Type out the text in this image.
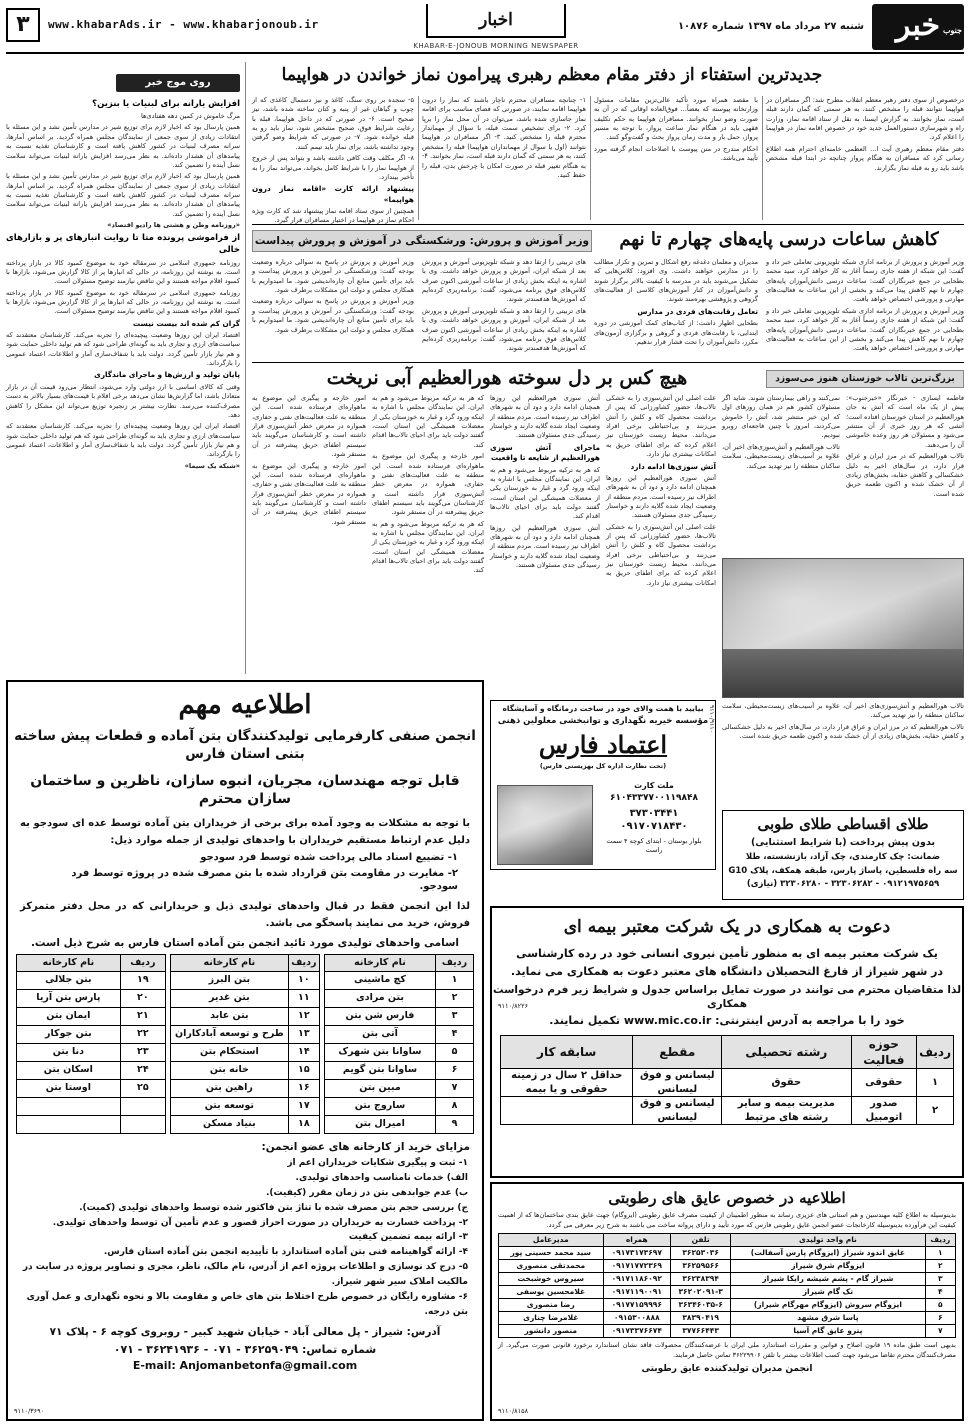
۳	www.khabarAds.ir - www.khabarjonoub.ir	اخبار
KHABAR-E-JONOUB MORNING NEWSPAPER
شنبه ۲۷ مرداد ماه ۱۳۹۷ شماره ۱۰۸۷۶	خبر جنوب
روی موج خبر
افزایش یارانه برای لبنیات یا بنزین؟

مرگ خاموش در کمین دهه هفتادی‌ها

همین پارسال بود که اخبار لازم برای توزیع شیر در مدارس تأمین نشد و این مسئله با انتقادات زیادی از سوی جمعی از نمایندگان مجلس همراه گردید. بر اساس آمارها، سرانه مصرف لبنیات در کشور کاهش یافته است و کارشناسان تغذیه نسبت به پیامدهای آن هشدار داده‌اند. به نظر می‌رسد افزایش یارانه لبنیات می‌تواند سلامت نسل آینده را تضمین کند.

همین پارسال بود که اخبار لازم برای توزیع شیر در مدارس تأمین نشد و این مسئله با انتقادات زیادی از سوی جمعی از نمایندگان مجلس همراه گردید. بر اساس آمارها، سرانه مصرف لبنیات در کشور کاهش یافته است و کارشناسان تغذیه نسبت به پیامدهای آن هشدار داده‌اند. به نظر می‌رسد افزایش یارانه لبنیات می‌تواند سلامت نسل آینده را تضمین کند.

«روزنامه وطن و هشتی ها رادیو اقتصاد»

از فراموشی پرونده متا تا روایت انبارهای پر و بازارهای خالی

روزنامه جمهوری اسلامی در سرمقاله خود به موضوع کمبود کالا در بازار پرداخته است. به نوشته این روزنامه، در حالی که انبارها پر از کالا گزارش می‌شود، بازارها با کمبود اقلام مواجه هستند و این تناقض نیازمند توضیح مسئولان است.

روزنامه جمهوری اسلامی در سرمقاله خود به موضوع کمبود کالا در بازار پرداخته است. به نوشته این روزنامه، در حالی که انبارها پر از کالا گزارش می‌شود، بازارها با کمبود اقلام مواجه هستند و این تناقض نیازمند توضیح مسئولان است.

گران کم شده اند بیست نیست

اقتصاد ایران این روزها وضعیت پیچیده‌ای را تجربه می‌کند. کارشناسان معتقدند که سیاست‌های ارزی و تجاری باید به گونه‌ای طراحی شود که هم تولید داخلی حمایت شود و هم نیاز بازار تأمین گردد. دولت باید با شفاف‌سازی آمار و اطلاعات، اعتماد عمومی را بازگرداند.

پایان تولید و ارزش‌ها و ماجرای ماندگاری

وقتی که کالای اساسی با ارز دولتی وارد می‌شود، انتظار می‌رود قیمت آن در بازار متعادل باشد، اما گزارش‌ها نشان می‌دهد برخی اقلام با قیمت‌های بسیار بالاتر به دست مصرف‌کننده می‌رسد. نظارت بیشتر بر زنجیره توزیع می‌تواند این مشکل را کاهش دهد.

اقتصاد ایران این روزها وضعیت پیچیده‌ای را تجربه می‌کند. کارشناسان معتقدند که سیاست‌های ارزی و تجاری باید به گونه‌ای طراحی شود که هم تولید داخلی حمایت شود و هم نیاز بازار تأمین گردد. دولت باید با شفاف‌سازی آمار و اطلاعات، اعتماد عمومی را بازگرداند.

«شبکه یک سیما»

جدیدترین استفتاء از دفتر مقام معظم رهبری پیرامون نماز خواندن در هواپیما

درخصوص از سوی دفتر رهبر معظم انقلاب مطرح شد: اگر مسافران در هواپیما نتوانند قبله را مشخص کنند، به هر سمتی که گمان دارند قبله است، نماز بخوانند. به گزارش ایسنا، به نقل از ستاد اقامه نماز، وزارت راه و شهرسازی دستورالعمل جدید خود در خصوص اقامه نماز در هواپیما را اعلام کرد.

دفتر مقام معظم رهبری آیت ا... العظمی خامنه‌ای احترام همه اطلاع رسانی کرد که مسافران به هنگام پرواز چنانچه در ابتدا قبله مشخص باشد باید رو به قبله نماز بگزارند.

با مقصد همراه مورد تأکید عالی‌ترین مقامات مسئول وزارتخانه پیوسته که بعضاً... فوق‌العاده اوقاتی که در آن به صورت وضو نماز بخوانند. مسافران هواپیما به حکم تکلیف فقهی باید در هنگام نماز ساعت پرواز، با توجه به مسیر پرواز، حمل بار و مدت زمان پرواز بحث و گفت‌وگو کنند.

احکام مندرج در متن پیوست با اصلاحات انجام گرفته مورد تأیید می‌باشد.

۱- چنانچه مسافران محترم ناچار باشند که نماز را درون هواپیما اقامه نمایند، در صورتی که فضای مناسب برای اقامه نماز جاسازی شده باشد، می‌توان در آن محل نماز را برپا کرد. ۲- برای تشخیص سمت قبله، با سؤال از مهماندار محترم قبله را مشخص کنید. ۳- اگر مسافران در هواپیما نتوانند (اول یا سوال از مهمانداران هواپیما) قبله را مشخص کنند، به هر سمتی که گمان دارند قبله است، نماز بخوانند. ۴- به هنگام تغییر قبله در صورت امکان با چرخش بدن، قبله را حفظ کنید.

۵- سجده بر روی سنگ، کاغذ و نیز دستمال کاغذی که از چوب و گیاهان غیر از پنبه و کتان ساخته شده باشد، نیز صحیح است. ۶- در صورتی که در داخل هواپیما، قبله با رعایت شرایط فوق، صحیح مشخص شود، نماز باید رو به قبله خوانده شود. ۷- در صورتی که شرایط وضو گرفتن وجود نداشته باشد، برای نماز باید تیمم کنند.

۸- اگر مکلف وقت کافی داشته باشد و بتواند پس از خروج از هواپیما نماز را با شرایط کامل بخواند، می‌تواند نماز را به تأخیر بیندازد.

پیشنهاد ارائه کارت «اقامه نماز درون هواپیما»

همچنین از سوی ستاد اقامه نماز پیشنهاد شد که کارت ویژه احکام نماز در هواپیما در اختیار مسافران قرار گیرد.

کاهش ساعات درسی پایه‌های چهارم تا نهم
وزیر آموزش و پرورش: ورشکستگی در آموزش و پرورش پیداست

وزیر آموزش و پرورش از برنامه اداری شبکه تلویزیونی تعاملی خبر داد و گفت: این شبکه از هفته جاری رسماً آغاز به کار خواهد کرد. سید محمد بطحایی در جمع خبرنگاران گفت: ساعات درسی دانش‌آموزان پایه‌های چهارم تا نهم کاهش پیدا می‌کند و بخشی از این ساعات به فعالیت‌های مهارتی و پرورشی اختصاص خواهد یافت.

وزیر آموزش و پرورش از برنامه اداری شبکه تلویزیونی تعاملی خبر داد و گفت: این شبکه از هفته جاری رسماً آغاز به کار خواهد کرد. سید محمد بطحایی در جمع خبرنگاران گفت: ساعات درسی دانش‌آموزان پایه‌های چهارم تا نهم کاهش پیدا می‌کند و بخشی از این ساعات به فعالیت‌های مهارتی و پرورشی اختصاص خواهد یافت.

مدیران و معلمان دغدغه رفع اشکال و تمرین و تکرار مطالب را در مدارس خواهند داشت. وی افزود: کلاس‌هایی که تشکیل می‌شوند باید در مدرسه با کیفیت بالاتر برگزار شوند و دانش‌آموزان در کنار آموزش‌های کلاسی از فعالیت‌های گروهی و پژوهشی بهره‌مند شوند.

تعامل رقابت‌های فردی در مدارس

بطحایی اظهار داشت: از کتاب‌های کمک آموزشی در دوره ابتدایی، با رقابت‌های فردی و گروهی و برگزاری آزمون‌های مکرر، دانش‌آموزان را تحت فشار قرار ندهیم.

های تربیتی را ارتقا دهد و شبکه تلویزیونی آموزش و پرورش بعد از شبکه ایران، آموزش و پرورش خواهد داشت. وی با اشاره به اینکه بخش زیادی از ساعات آموزشی اکنون صرف کلاس‌های فوق برنامه می‌شود، گفت: برنامه‌ریزی کرده‌ایم که آموزش‌ها هدفمندتر شوند.

های تربیتی را ارتقا دهد و شبکه تلویزیونی آموزش و پرورش بعد از شبکه ایران، آموزش و پرورش خواهد داشت. وی با اشاره به اینکه بخش زیادی از ساعات آموزشی اکنون صرف کلاس‌های فوق برنامه می‌شود، گفت: برنامه‌ریزی کرده‌ایم که آموزش‌ها هدفمندتر شوند.

وزیر آموزش و پرورش در پاسخ به سوالی درباره وضعیت بودجه گفت: ورشکستگی در آموزش و پرورش پیداست و باید برای تأمین منابع آن چاره‌اندیشی شود. ما امیدواریم با همکاری مجلس و دولت این مشکلات برطرف شود.

وزیر آموزش و پرورش در پاسخ به سوالی درباره وضعیت بودجه گفت: ورشکستگی در آموزش و پرورش پیداست و باید برای تأمین منابع آن چاره‌اندیشی شود. ما امیدواریم با همکاری مجلس و دولت این مشکلات برطرف شود.

هیچ کس بر دل سوخته هورالعظیم آبی نریخت	بزرگ‌ترین تالاب خوزستان هنوز می‌سوزد

فاطمه ایسازی - خبرنگار «خبرجنوب»: پیش از یک ماه است که آتش به جان هورالعظیم در استان خوزستان افتاده است؛ آتشی که هر روز خبری از آن منتشر می‌شود و مسئولان هر روز وعده خاموشی آن را می‌دهند.

تالاب هورالعظیم که در مرز ایران و عراق قرار دارد، در سال‌های اخیر به دلیل خشکسالی و کاهش حقابه، بخش‌های زیادی از آن خشک شده و اکنون طعمه حریق شده است.

نمی‌کنند و راهی بیمارستان شوند. شاید اگر مسئولان کشور هم در همان روزهای اول که این خبر منتشر شد، آتش را خاموش می‌کردند، امروز با چنین فاجعه‌ای روبرو نبودیم.

تالاب هورالعظیم و آتش‌سوزی‌های اخیر آن، علاوه بر آسیب‌های زیست‌محیطی، سلامت ساکنان منطقه را نیز تهدید می‌کند.

تالاب هورالعظیم و آتش‌سوزی‌های اخیر آن، علاوه بر آسیب‌های زیست‌محیطی، سلامت ساکنان منطقه را نیز تهدید می‌کند.

تالاب هورالعظیم که در مرز ایران و عراق قرار دارد، در سال‌های اخیر به دلیل خشکسالی و کاهش حقابه، بخش‌های زیادی از آن خشک شده و اکنون طعمه حریق شده است.

علت اصلی این آتش‌سوزی را به خشکی تالاب‌ها، حضور کشاورزانی که پس از برداشت محصول کاه و کلش را آتش می‌زنند و بی‌احتیاطی برخی افراد می‌دانند. محیط زیست خوزستان نیز اعلام کرده که برای اطفای حریق به امکانات بیشتری نیاز دارد.

آتش سوزی‌ها ادامه دارد

آتش سوزی هورالعظیم این روزها همچنان ادامه دارد و دود آن به شهرهای اطراف نیز رسیده است. مردم منطقه از وضعیت ایجاد شده گلایه دارند و خواستار رسیدگی جدی مسئولان هستند.

علت اصلی این آتش‌سوزی را به خشکی تالاب‌ها، حضور کشاورزانی که پس از برداشت محصول کاه و کلش را آتش می‌زنند و بی‌احتیاطی برخی افراد می‌دانند. محیط زیست خوزستان نیز اعلام کرده که برای اطفای حریق به امکانات بیشتری نیاز دارد.

آتش سوزی هورالعظیم این روزها همچنان ادامه دارد و دود آن به شهرهای اطراف نیز رسیده است. مردم منطقه از وضعیت ایجاد شده گلایه دارند و خواستار رسیدگی جدی مسئولان هستند.

ماجرای آتش سوزی هورالعظیم از شایعه تا واقعیت

که هر به ترکیه مربوط می‌شود و هم به ایران. این نمایندگان مجلس با اشاره به اینکه ورود گرد و غبار به خوزستان یکی از معضلات همیشگی این استان است، گفتند دولت باید برای احیای تالاب‌ها اقدام کند.

آتش سوزی هورالعظیم این روزها همچنان ادامه دارد و دود آن به شهرهای اطراف نیز رسیده است. مردم منطقه از وضعیت ایجاد شده گلایه دارند و خواستار رسیدگی جدی مسئولان هستند.

که هر به ترکیه مربوط می‌شود و هم به ایران. این نمایندگان مجلس با اشاره به اینکه ورود گرد و غبار به خوزستان یکی از معضلات همیشگی این استان است، گفتند دولت باید برای احیای تالاب‌ها اقدام کند.

امور خارجه و پیگیری این موضوع به ماهواره‌ای فرستاده شده است. این منطقه به علت فعالیت‌های نفتی و حفاری، همواره در معرض خطر آتش‌سوزی قرار داشته است و کارشناسان می‌گویند باید سیستم اطفای حریق پیشرفته در آن مستقر شود.

که هر به ترکیه مربوط می‌شود و هم به ایران. این نمایندگان مجلس با اشاره به اینکه ورود گرد و غبار به خوزستان یکی از معضلات همیشگی این استان است، گفتند دولت باید برای احیای تالاب‌ها اقدام کند.

امور خارجه و پیگیری این موضوع به ماهواره‌ای فرستاده شده است. این منطقه به علت فعالیت‌های نفتی و حفاری، همواره در معرض خطر آتش‌سوزی قرار داشته است و کارشناسان می‌گویند باید سیستم اطفای حریق پیشرفته در آن مستقر شود.

امور خارجه و پیگیری این موضوع به ماهواره‌ای فرستاده شده است. این منطقه به علت فعالیت‌های نفتی و حفاری، همواره در معرض خطر آتش‌سوزی قرار داشته است و کارشناسان می‌گویند باید سیستم اطفای حریق پیشرفته در آن مستقر شود.

بیایید با همت والای خود در ساخت درمانگاه و آسایشگاه
مؤسسه خیریه نگهداری و توانبخشی معلولین ذهنی
اعتماد فارس
(تحت نظارت اداره کل بهزیستی فارس)
ملت کارت
۶۱۰۴۳۳۷۷۰۰۱۱۹۸۴۸
۳۷۳۰۳۴۴۱
۰۹۱۷۰۷۱۸۴۳۰
بلوار بوستان - ابتدای کوچه ۴ سمت راست
۹۱۱۰/۹۱۱۰
طلای اقساطی طلای طوبی
بدون پیش پرداخت (با شرایط استثنایی)
ضمانت: چک کارمندی، چک آزاد، بازنشسته، طلا
سه راه فلسطین، پاساژ پارس، طبقه همکف، پلاک G10
۰۹۱۲۱۹۷۵۶۵۹ - ۳۲۳۰۶۲۸۲ - ۳۲۳۰۶۲۸۰ (نیازی)
اطلاعیه مهم
انجمن صنفی کارفرمایی تولیدکنندگان بتن آماده و قطعات پیش ساخته بتنی استان فارس
قابل توجه مهندسان، مجریان، انبوه سازان، ناظرین و ساختمان سازان محترم
با توجه به مشکلات به وجود آمده برای برخی از خریداران بتن آماده توسط عده ای سودجو به دلیل عدم ارتباط مستقیم خریداران با واحدهای تولیدی از جمله موارد ذیل:
۱- تضییع اسناد مالی پرداخت شده توسط فرد سودجو
۲- مغایرت در مقاومت بتن قرارداد شده با بتن مصرف شده در پروژه توسط فرد سودجو.
لذا این انجمن فقط در قبال واحدهای تولیدی ذیل و خریدارانی که در محل دفتر متمرکز فروش، خرید می نمایند پاسخگو می باشد.
اسامی واحدهای تولیدی مورد تائید انجمن بتن آماده استان فارس به شرح ذیل است.
ردیف	نام کارخانه
۱	کچ ماشینی
۲	بتن مرادی
۳	فارس شن بتن
۴	آتی بتن
۵	ساوانا بتن شهرک
۶	ساوانا بتن گویم
۷	مبین بتن
۸	ساروج بتن
۹	امیرال بتن
ردیف	نام کارخانه
۱۰	بتن البرز
۱۱	بتن غدیر
۱۲	بتن عابد
۱۳	طرح و توسعه آبادکاران
۱۴	استحکام بتن
۱۵	خانه بتن
۱۶	راهین بتن
۱۷	توسعه بتن
۱۸	بنیاد مسکن
ردیف	نام کارخانه
۱۹	بتن جلالی
۲۰	پارس بتن آریا
۲۱	ایمان بتن
۲۲	بتن جوکار
۲۳	دنا بتن
۲۴	اسکان بتن
۲۵	اوستا بتن

مزایای خرید از کارخانه های عضو انجمن:
۱- ثبت و پیگیری شکایات خریداران اعم از
الف) خدمات نامناسب واحدهای تولیدی.
ب) عدم جوابدهی بتن در زمان مقرر (کیفیت).
ج) بررسی حجم بتن مصرف شده با تناژ بتن فاکتور شده توسط واحدهای تولیدی (کمیت).
۲- پرداخت خسارت به خریداران در صورت احراز قصور و عدم تأمین آن توسط واحدهای تولیدی.
۳- ارائه بیمه تضمین کیفیت
۴- ارائه گواهینامه فنی بتن آماده استاندارد با تأییدیه انجمن بتن آماده استان فارس.
۵- درج کد نوسازی و اطلاعات پروژه اعم از آدرس، نام مالک، ناظر، مجری و تصاویر پروژه در سایت در مالکیت املاک سیر شهر شیراز.
۶- مشاوره رایگان در خصوص طرح اختلاط بتن های خاص و مقاومت بالا و نحوه نگهداری و عمل آوری بتن درجه.
آدرس: شیراز - پل معالی آباد - خیابان شهید کبیر - روبروی کوچه ۶ - پلاک ۷۱
شماره تماس: ۳۶۲۵۹۰۴۹ - ۰۷۱ - ۳۶۲۴۱۹۳۶ - ۰۷۱
E-mail: Anjomanbetonfa@gmail.com
۹۱۱۰/۳۶۹۰
دعوت به همکاری در یک شرکت معتبر بیمه ای
یک شرکت معتبر بیمه ای به منظور تأمین نیروی انسانی خود در رده کارشناسی
در شهر شیراز از فارغ التحصیلان دانشگاه های معتبر دعوت به همکاری می نماید.
لذا متقاضیان محترم می توانند در صورت تمایل براساس جدول و شرایط زیر فرم درخواست همکاری
خود را با مراجعه به آدرس اینترنتی: www.mic.co.ir تکمیل نمایند.
ردیف	حوزه فعالیت	رشته تحصیلی	مقطع	سابقه کار
۱	حقوقی	حقوق	لیسانس و فوق لیسانس	حداقل ۲ سال در زمینه حقوقی و یا بیمه
۲	صدور اتومبیل	مدیریت بیمه و سایر رشته های مرتبط	لیسانس و فوق لیسانس	
۹۱۱۰/۸۲۲۶
اطلاعیه در خصوص عایق های رطوبتی
بدینوسیله به اطلاع کلیه مهندسین و هم استانی های عزیزی رساند به منظور اطمینان از کیفیت مصرف عایق رطوبتی (ایزوگام) جهت عایق بندی ساختمان‌ها که از اهمیت کیفیت این فرآورده بدینوسیله کارخانجات عضو انجمن عایق رطوبتی فارس که مورد تأیید و دارای پروانه ساخت می باشند به شرح زیر معرفی می گردد.
ردیف	نام واحد تولیدی	تلفن	همراه	مدیرعامل
۱	عایق اندود شیراز (ایزوگام پارس آسفالت)	۳۶۲۵۳۰۳۶	۰۹۱۷۳۱۷۳۶۹۷	سید محمد حسینی پور
۲	ایزوگام شرق شیراز	۳۶۲۵۹۵۶۶	۰۹۱۷۱۷۷۲۳۶۹	محمدتقی منصوری
۳	شیراز گام - پشم شیشه رایکا شیراز	۳۶۲۳۸۳۹۴	۰۹۱۷۱۱۸۶۰۹۲	سیروس خوشبخت
۴	تک گام شیراز	۳۶۲۰۲۰۹۱-۳	۰۹۱۷۱۱۹۰۰۹۱	غلامحسین یوسفی
۵	ایزوگام سروش (ایزوگام مهرگام شیراز)	۳۶۳۴۶۰۳۵-۶	۰۹۱۷۷۱۵۹۹۹۶	رضا منصوری
۶	پاسا شرق مشهد	۳۸۳۹۰۴۱۹	۰۹۱۵۳۰۰۸۸۸	غلامرضا چناری
۷	پترو عایق گام آسیا	۳۷۷۶۶۴۴۳	۰۹۱۷۳۳۷۶۶۷۴	منصور دانشور
بدیهی است طبق ماده ۱۹ قانون اصلاح و قوانین و مقررات استاندارد ملی ایران با عرضه‌کنندگان محصولات فاقد نشان استاندارد برخورد قانونی صورت می‌گیرد. از مصرف‌کنندگان محترم تقاضا می‌شود جهت کسب اطلاعات بیشتر با تلفن ۳۶۲۲۹۹۰۶ تماس حاصل فرمایند.
انجمن مدیران تولیدکننده عایق رطوبتی
۹۱۱۰/۸۱۵۸
